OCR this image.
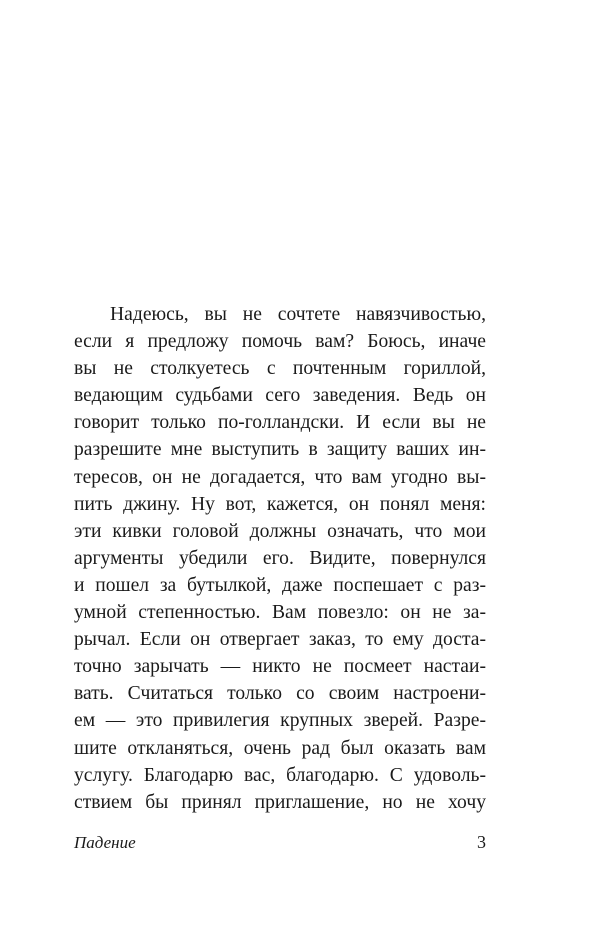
Надеюсь, вы не сочтете навязчивостью,
если я предложу помочь вам? Боюсь, иначе
вы не столкуетесь с почтенным гориллой,
ведающим судьбами сего заведения. Ведь он
говорит только по-голландски. И если вы не
разрешите мне выступить в защиту ваших ин-
тересов, он не догадается, что вам угодно вы-
пить джину. Ну вот, кажется, он понял меня:
эти кивки головой должны означать, что мои
аргументы убедили его. Видите, повернулся
и пошел за бутылкой, даже поспешает с раз-
умной степенностью. Вам повезло: он не за-
рычал. Если он отвергает заказ, то ему доста-
точно зарычать — никто не посмеет настаи-
вать. Считаться только со своим настроени-
ем — это привилегия крупных зверей. Разре-
шите откланяться, очень рад был оказать вам
услугу. Благодарю вас, благодарю. С удоволь-
ствием бы принял приглашение, но не хочу
Падение	3
